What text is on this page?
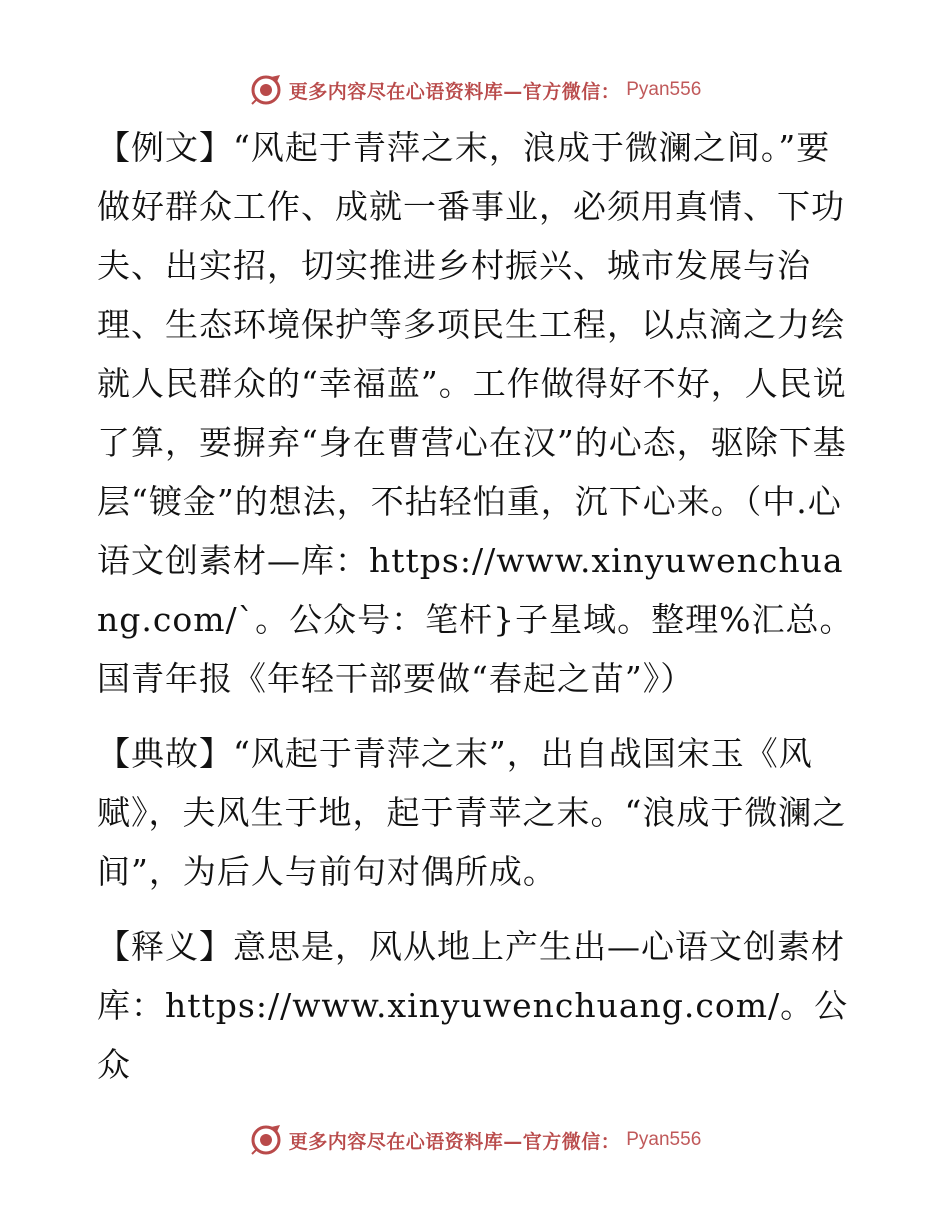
更多内容尽在心语资料库—官方微信： Pyan556

【例文】“风起于青萍之末，浪成于微澜之间。”要做好群众工作、成就一番事业，必须用真情、下功夫、出实招，切实推进乡村振兴、城市发展与治理、生态环境保护等多项民生工程，以点滴之力绘就人民群众的“幸福蓝”。工作做得好不好，人民说了算，要摒弃“身在曹营心在汉”的心态，驱除下基层“镀金”的想法，不拈轻怕重，沉下心来。（中.心语文创素材—库：https://www.xinyuwenchuang.com/`。公众号：笔杆}子星域。整理%汇总。国青年报《年轻干部要做“春起之苗”》）

【典故】“风起于青萍之末”，出自战国宋玉《风赋》，夫风生于地，起于青苹之末。“浪成于微澜之间”，为后人与前句对偶所成。

【释义】意思是，风从地上产生出—心语文创素材库：https://www.xinyuwenchuang.com/。公众

更多内容尽在心语资料库—官方微信： Pyan556
